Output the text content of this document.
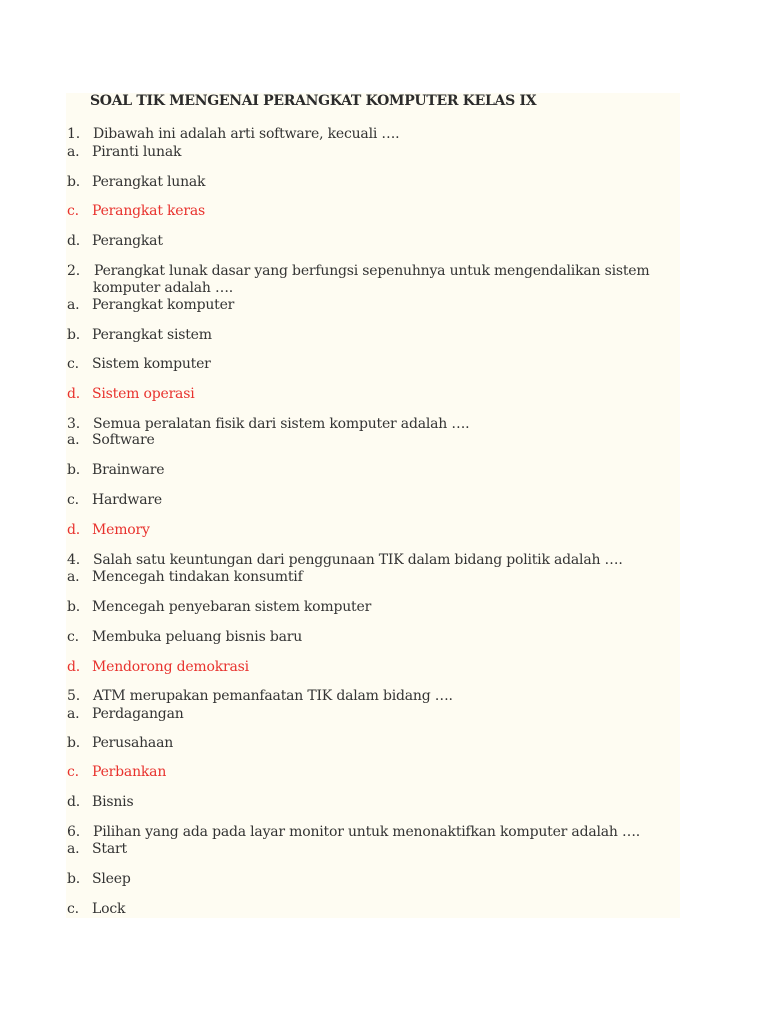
SOAL TIK MENGENAI PERANGKAT KOMPUTER KELAS IX
1. Dibawah ini adalah arti software, kecuali ….
a. Piranti lunak
b. Perangkat lunak
c. Perangkat keras
d. Perangkat
2. Perangkat lunak dasar yang berfungsi sepenuhnya untuk mengendalikan sistem komputer adalah ….
a. Perangkat komputer
b. Perangkat sistem
c. Sistem komputer
d. Sistem operasi
3. Semua peralatan fisik dari sistem komputer adalah ….
a. Software
b. Brainware
c. Hardware
d. Memory
4. Salah satu keuntungan dari penggunaan TIK dalam bidang politik adalah ….
a. Mencegah tindakan konsumtif
b. Mencegah penyebaran sistem komputer
c. Membuka peluang bisnis baru
d. Mendorong demokrasi
5. ATM merupakan pemanfaatan TIK dalam bidang ….
a. Perdagangan
b. Perusahaan
c. Perbankan
d. Bisnis
6. Pilihan yang ada pada layar monitor untuk menonaktifkan komputer adalah ….
a. Start
b. Sleep
c. Lock
